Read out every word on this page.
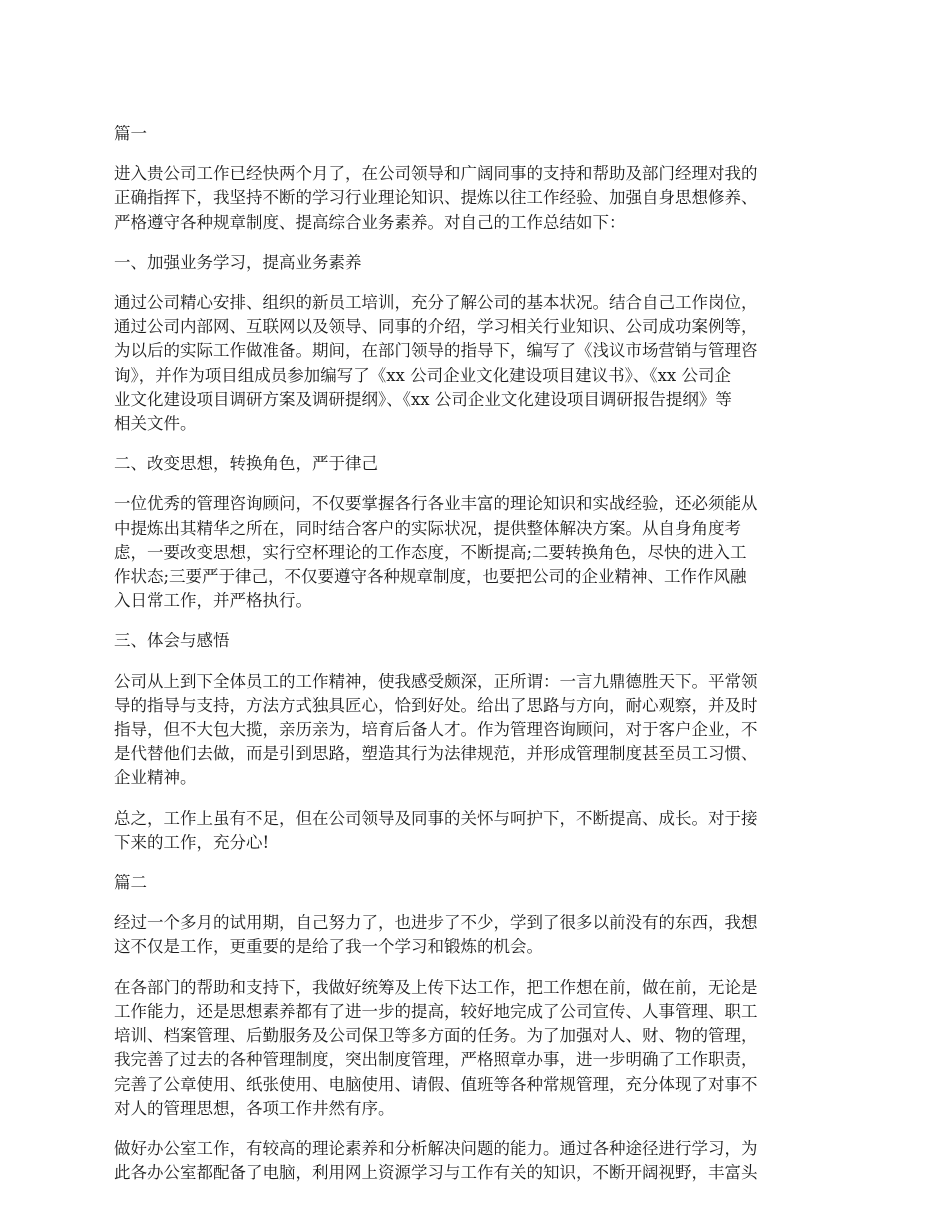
篇一

进入贵公司工作已经快两个月了，在公司领导和广阔同事的支持和帮助及部门经理对我的
正确指挥下，我坚持不断的学习行业理论知识、提炼以往工作经验、加强自身思想修养、
严格遵守各种规章制度、提高综合业务素养。对自己的工作总结如下：

一、加强业务学习，提高业务素养

通过公司精心安排、组织的新员工培训，充分了解公司的基本状况。结合自己工作岗位，
通过公司内部网、互联网以及领导、同事的介绍，学习相关行业知识、公司成功案例等，
为以后的实际工作做准备。期间，在部门领导的指导下，编写了《浅议市场营销与管理咨
询》，并作为项目组成员参加编写了《xx 公司企业文化建设项目建议书》、《xx 公司企
业文化建设项目调研方案及调研提纲》、《xx 公司企业文化建设项目调研报告提纲》等
相关文件。

二、改变思想，转换角色，严于律己

一位优秀的管理咨询顾问，不仅要掌握各行各业丰富的理论知识和实战经验，还必须能从
中提炼出其精华之所在，同时结合客户的实际状况，提供整体解决方案。从自身角度考
虑，一要改变思想，实行空杯理论的工作态度，不断提高;二要转换角色，尽快的进入工
作状态;三要严于律己，不仅要遵守各种规章制度，也要把公司的企业精神、工作作风融
入日常工作，并严格执行。

三、体会与感悟

公司从上到下全体员工的工作精神，使我感受颇深，正所谓：一言九鼎德胜天下。平常领
导的指导与支持，方法方式独具匠心，恰到好处。给出了思路与方向，耐心观察，并及时
指导，但不大包大揽，亲历亲为，培育后备人才。作为管理咨询顾问，对于客户企业，不
是代替他们去做，而是引到思路，塑造其行为法律规范，并形成管理制度甚至员工习惯、
企业精神。

总之，工作上虽有不足，但在公司领导及同事的关怀与呵护下，不断提高、成长。对于接
下来的工作，充分心!

篇二

经过一个多月的试用期，自己努力了，也进步了不少，学到了很多以前没有的东西，我想
这不仅是工作，更重要的是给了我一个学习和锻炼的机会。

在各部门的帮助和支持下，我做好统筹及上传下达工作，把工作想在前，做在前，无论是
工作能力，还是思想素养都有了进一步的提高，较好地完成了公司宣传、人事管理、职工
培训、档案管理、后勤服务及公司保卫等多方面的任务。为了加强对人、财、物的管理，
我完善了过去的各种管理制度，突出制度管理，严格照章办事，进一步明确了工作职责，
完善了公章使用、纸张使用、电脑使用、请假、值班等各种常规管理，充分体现了对事不
对人的管理思想，各项工作井然有序。

做好办公室工作，有较高的理论素养和分析解决问题的能力。通过各种途径进行学习，为
此各办公室都配备了电脑，利用网上资源学习与工作有关的知识，不断开阔视野，丰富头
